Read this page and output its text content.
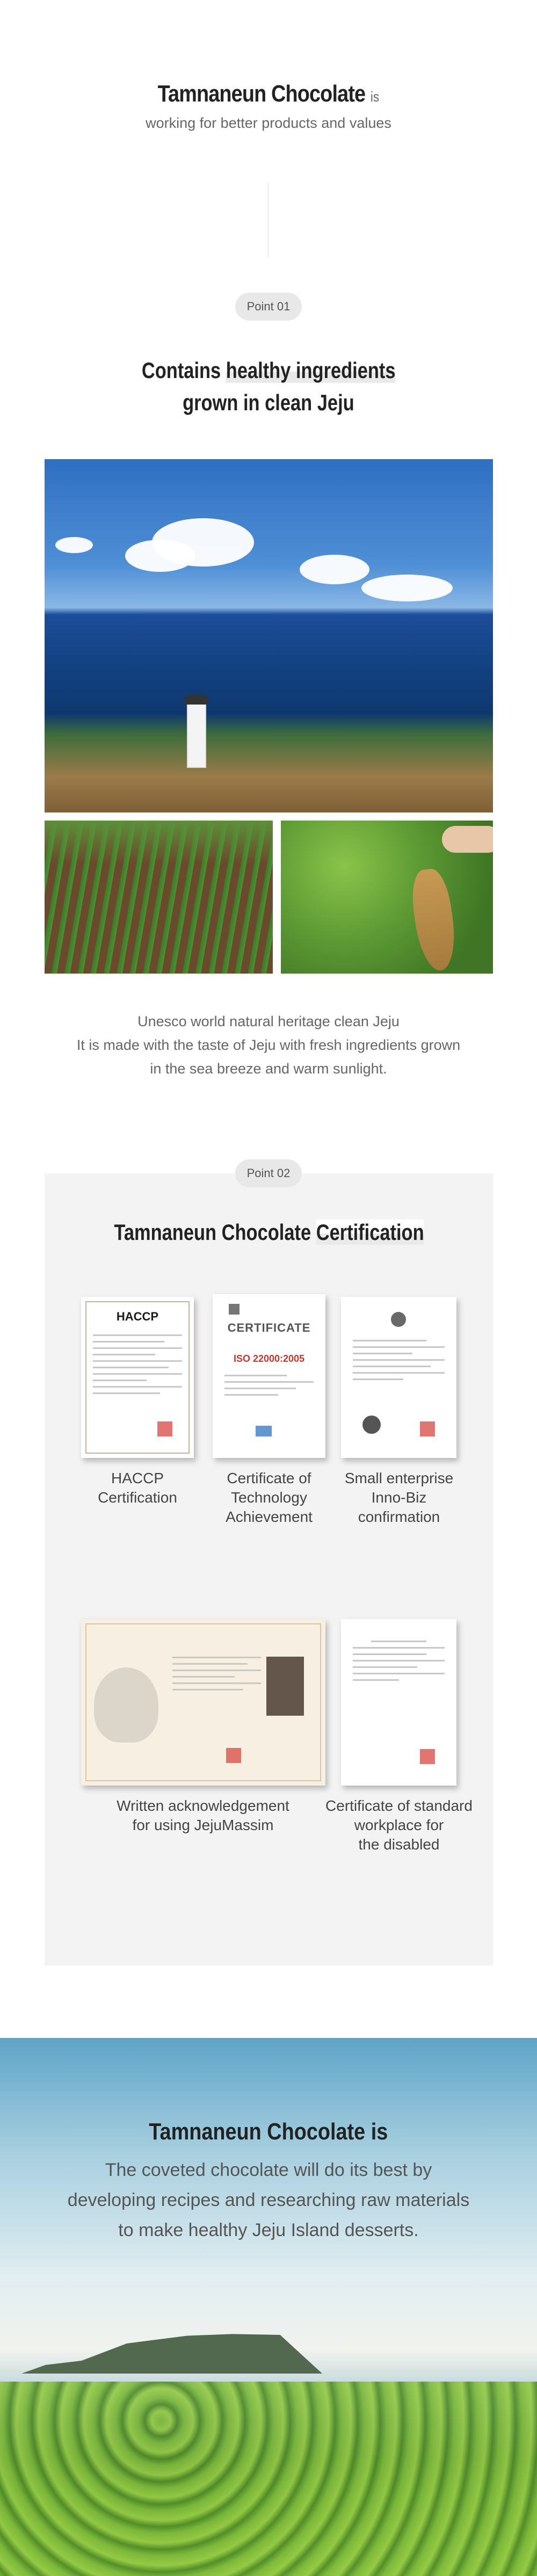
Tamnaneun Chocolate is

working for better products and values

Point 01
Contains healthy ingredients
grown in clean Jeju
Unesco world natural heritage clean Jeju
It is made with the taste of Jeju with fresh ingredients grown
in the sea breeze and warm sunlight.
Point 02
Tamnaneun Chocolate Certification
HACCP
HACCP
Certification
CERTIFICATE
ISO 22000:2005
Certificate of
Technology
Achievement
Small enterprise
Inno-Biz
confirmation
Written acknowledgement
for using JejuMassim
Certificate of standard
workplace for
the disabled
Tamnaneun Chocolate is

The coveted chocolate will do its best by
developing recipes and researching raw materials
to make healthy Jeju Island desserts.
